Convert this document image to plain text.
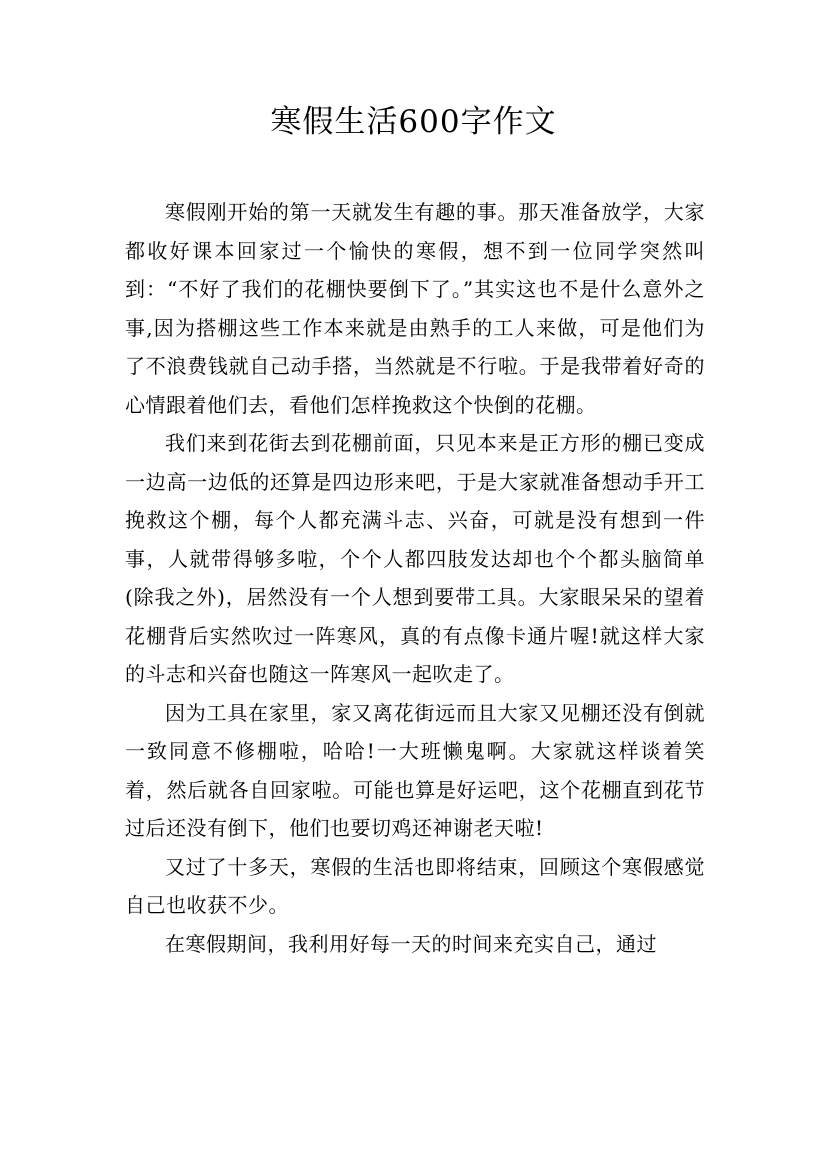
寒假生活600字作文

寒假刚开始的第一天就发生有趣的事。那天准备放学，大家都收好课本回家过一个愉快的寒假，想不到一位同学突然叫到：“不好了我们的花棚快要倒下了。”其实这也不是什么意外之事,因为搭棚这些工作本来就是由熟手的工人来做，可是他们为了不浪费钱就自己动手搭，当然就是不行啦。于是我带着好奇的心情跟着他们去，看他们怎样挽救这个快倒的花棚。

我们来到花街去到花棚前面，只见本来是正方形的棚已变成一边高一边低的还算是四边形来吧，于是大家就准备想动手开工挽救这个棚，每个人都充满斗志、兴奋，可就是没有想到一件事，人就带得够多啦，个个人都四肢发达却也个个都头脑简单(除我之外)，居然没有一个人想到要带工具。大家眼呆呆的望着花棚背后实然吹过一阵寒风，真的有点像卡通片喔!就这样大家的斗志和兴奋也随这一阵寒风一起吹走了。

因为工具在家里，家又离花街远而且大家又见棚还没有倒就一致同意不修棚啦，哈哈!一大班懒鬼啊。大家就这样谈着笑着，然后就各自回家啦。可能也算是好运吧，这个花棚直到花节过后还没有倒下，他们也要切鸡还神谢老天啦!

又过了十多天，寒假的生活也即将结束，回顾这个寒假感觉自己也收获不少。

在寒假期间，我利用好每一天的时间来充实自己，通过
